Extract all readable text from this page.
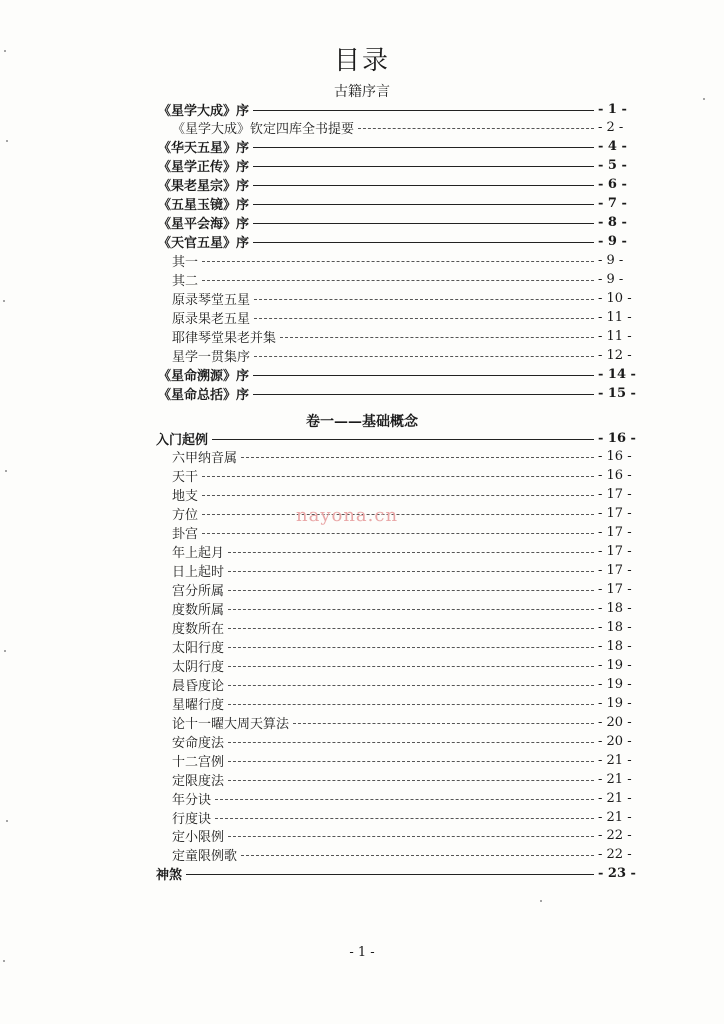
目录
古籍序言
《星学大成》序	- 1 -
《星学大成》钦定四库全书提要	- 2 -
《华天五星》序	- 4 -
《星学正传》序	- 5 -
《果老星宗》序	- 6 -
《五星玉镜》序	- 7 -
《星平会海》序	- 8 -
《天官五星》序	- 9 -
其一	- 9 -
其二	- 9 -
原录琴堂五星	- 10 -
原录果老五星	- 11 -
耶律琴堂果老并集	- 11 -
星学一贯集序	- 12 -
《星命溯源》序	- 14 -
《星命总括》序	- 15 -
卷一——基础概念
入门起例	- 16 -
六甲纳音属	- 16 -
天干	- 16 -
地支	- 17 -
方位	- 17 -
卦宫	- 17 -
年上起月	- 17 -
日上起时	- 17 -
宫分所属	- 17 -
度数所属	- 18 -
度数所在	- 18 -
太阳行度	- 18 -
太阴行度	- 19 -
晨昏度论	- 19 -
星曜行度	- 19 -
论十一曜大周天算法	- 20 -
安命度法	- 20 -
十二宫例	- 21 -
定限度法	- 21 -
年分诀	- 21 -
行度诀	- 21 -
定小限例	- 22 -
定童限例歌	- 22 -
神煞	- 23 -
nayona.cn
- 1 -
